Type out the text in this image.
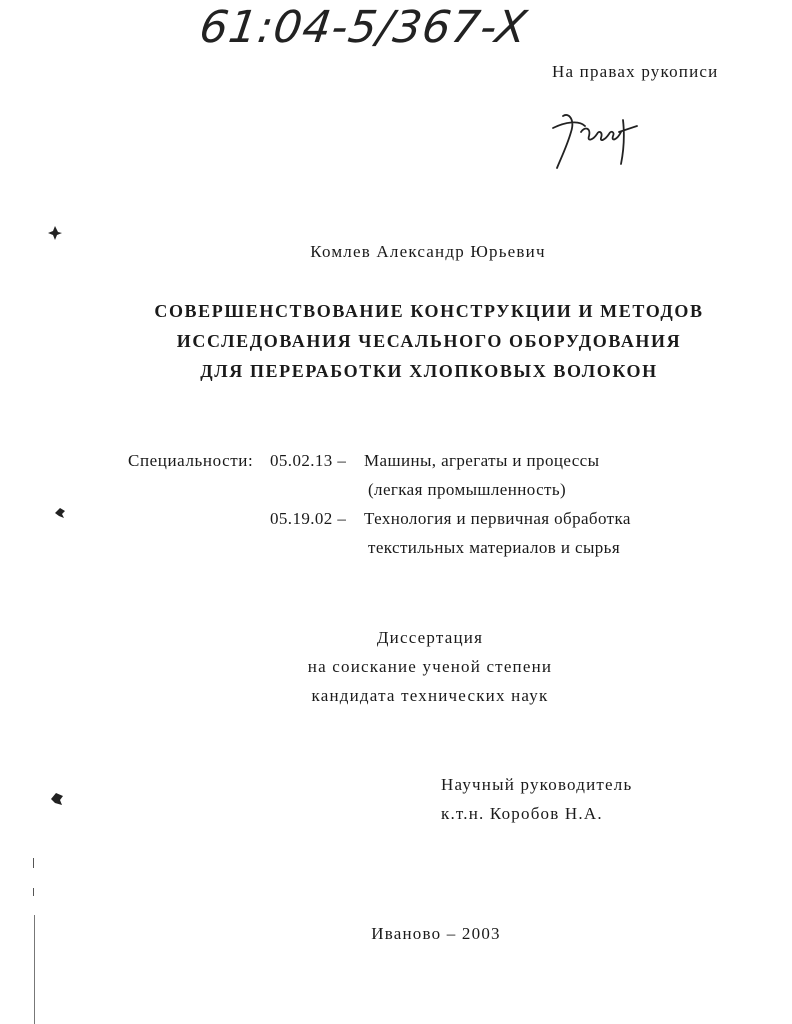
61:04-5/367-X
На правах рукописи
Комлев Александр Юрьевич
СОВЕРШЕНСТВОВАНИЕ КОНСТРУКЦИИ И МЕТОДОВ
ИССЛЕДОВАНИЯ ЧЕСАЛЬНОГО ОБОРУДОВАНИЯ
ДЛЯ ПЕРЕРАБОТКИ ХЛОПКОВЫХ ВОЛОКОН
Специальности: 05.02.13 – Машины, агрегаты и процессы
(легкая промышленность)
05.19.02 – Технология и первичная обработка
текстильных материалов и сырья
Диссертация
на соискание ученой степени
кандидата технических наук
Научный руководитель
к.т.н. Коробов Н.А.
Иваново – 2003
